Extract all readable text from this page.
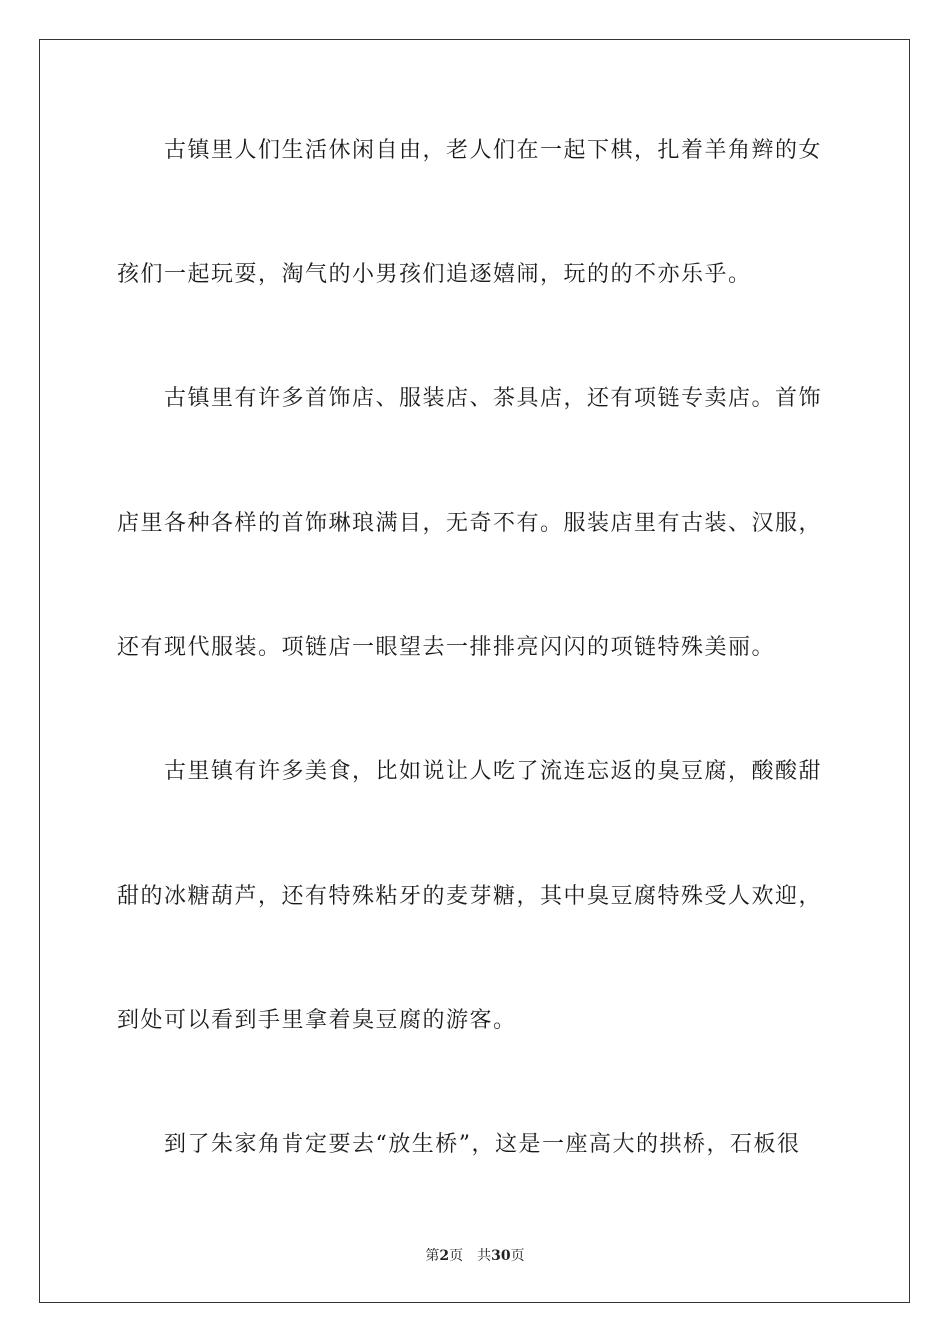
　　古镇里人们生活休闲自由，老人们在一起下棋，扎着羊角辫的女
孩们一起玩耍，淘气的小男孩们追逐嬉闹，玩的的不亦乐乎。
　　古镇里有许多首饰店、服装店、茶具店，还有项链专卖店。首饰
店里各种各样的首饰琳琅满目，无奇不有。服装店里有古装、汉服，
还有现代服装。项链店一眼望去一排排亮闪闪的项链特殊美丽。
　　古里镇有许多美食，比如说让人吃了流连忘返的臭豆腐，酸酸甜
甜的冰糖葫芦，还有特殊粘牙的麦芽糖，其中臭豆腐特殊受人欢迎，
到处可以看到手里拿着臭豆腐的游客。
　　到了朱家角肯定要去“放生桥”，这是一座高大的拱桥，石板很
第2页 共30页
